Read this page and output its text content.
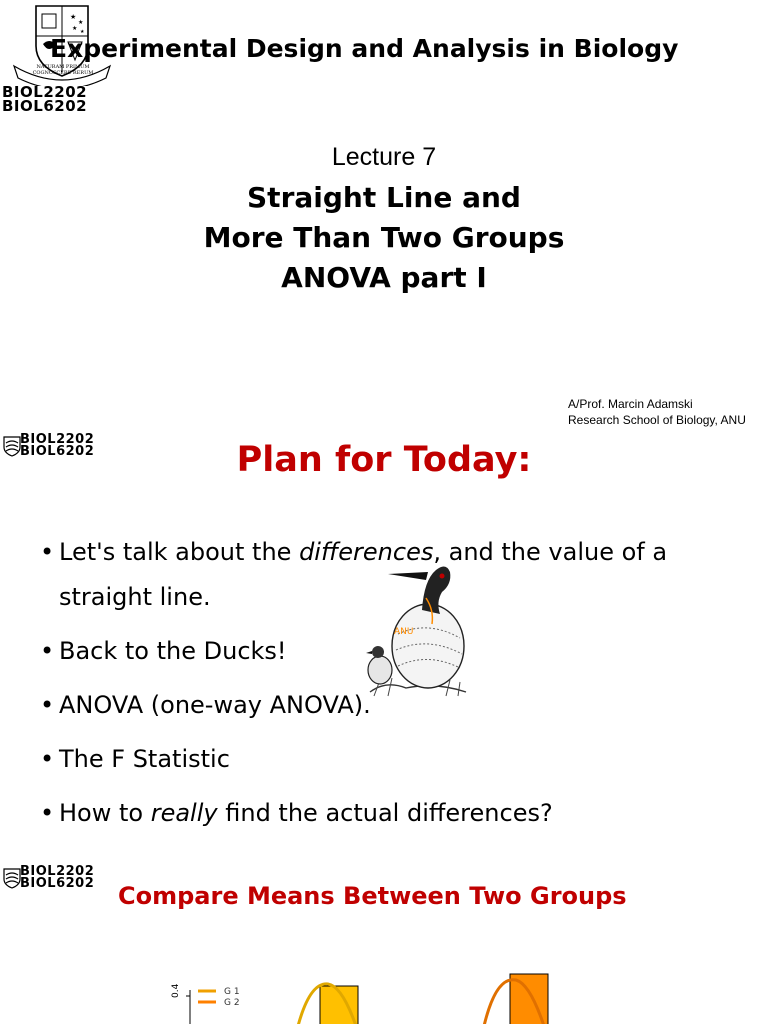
★
★
★ ★
NATURAM PRIMUM COGNOSCERE RERUM
BIOL2202
BIOL6202
Experimental Design and Analysis in Biology
Lecture 7
Straight Line and
More Than Two Groups
ANOVA part I
A/Prof. Marcin Adamski
Research School of Biology, ANU
BIOL2202
BIOL6202	Plan for Today:
ANU
• Let's talk about the differences, and the value of a straight line.
• Back to the Ducks!
• ANOVA (one-way ANOVA).
• The F Statistic
• How to really find the actual differences?
BIOL2202
BIOL6202 Compare Means Between Two Groups
0.4	G 1
G 2
